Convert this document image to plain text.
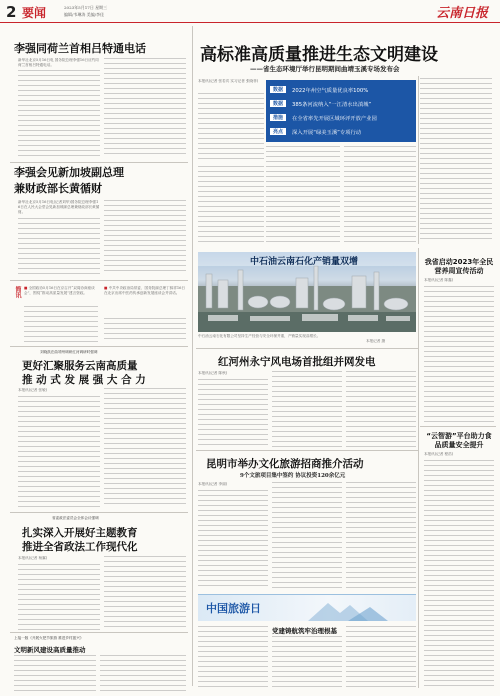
2 要闻	2023年5月17日 星期三
编辑/韦琳涛 美编/李佳	云南日报
李强同荷兰首相吕特通电话
新华社北京5月16日电 国务院总理李强16日应约同荷兰首相吕特通电话。
李强会见新加坡副总理
兼财政部长黄循财
新华社北京5月16日电(记者刘华)国务院总理李强16日在人民大会堂会见新加坡副总理兼财政部长黄循财。
简讯 ■ 全国政协5月16日在京召开“双周协商座谈会”，围绕“推动高质量发展”建言资政。
■ 中共中央政治局常委、国务院副总理丁薛祥16日在北京出席中医药传承创新发展座谈会并讲话。
刘晓凯在曲靖州调研红河调研时强调
更好汇聚服务云南高质量
推 动 式 发 展 强 大 合 力
本报讯(记者 张敏)
省委政法委员会全体会议强调
扎实深入开展好主题教育
推进全省政法工作现代化
本报讯(记者 杨翼)
上接一版《开展火把节旅游 推进乡村振兴》
文明新风建设高质量推动
高标准高质量推进生态文明建设
——省生态环境厅举行昆明期间曲靖玉溪专场发布会
本报讯(记者 张若宾 实习记者 张晓菲)
数据	2022年州空气质量优良率100%
数据	385条河流纳入“一江清水出滇城”
措施	在全省率先开展区域环评开放产业园
亮点	深入开展“绿美玉溪”专项行动
中石油云南石化产销量双增
中石油云南石化有限公司坚持生产经营与安全环保并重，产销量实现双增长。
本报记者 摄
红河州永宁风电场首批组并网发电
本报讯(记者 陈秋)
昆明市举办文化旅游招商推介活动
9个文旅项目集中签约 协议投资120余亿元
本报讯(记者 李丽)
中国旅游日
党建铸航筑牢治理根基
我省启动2023年全民营养周宣传活动
本报讯(记者 陈鑫)
“云智游”平台助力食品质量安全提升
本报讯(记者 程浩)
